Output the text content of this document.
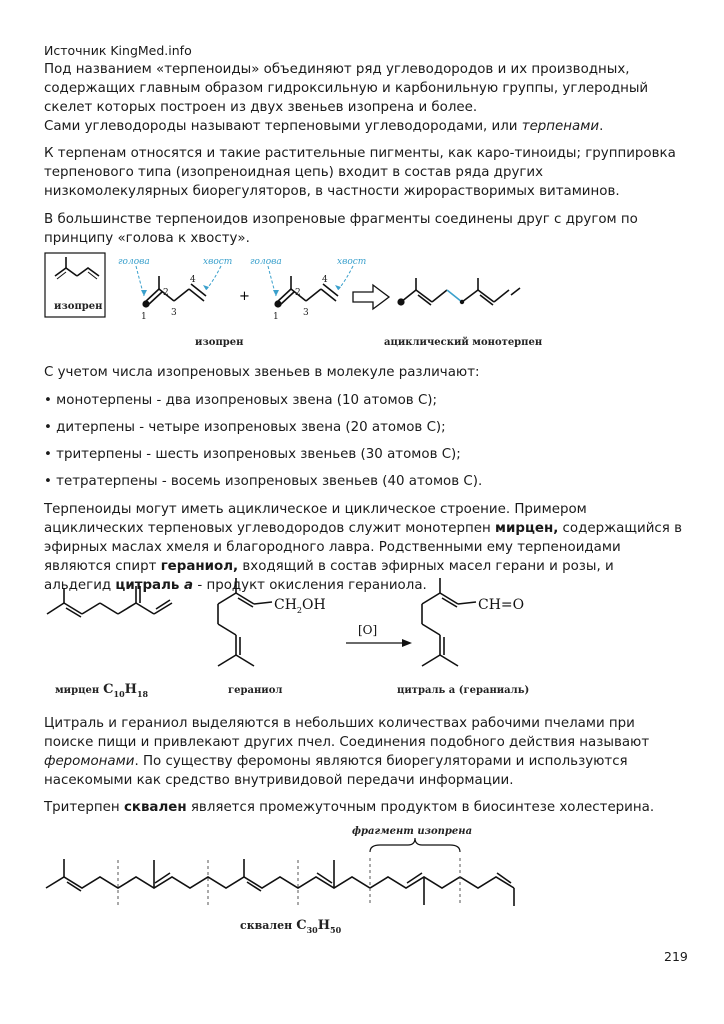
Источник KingMed.info

Под названием «терпеноиды» объединяют ряд углеводородов и их производных, содержащих главным образом гидроксильную и карбонильную группы, углеродный скелет которых построен из двух звеньев изопрена и более.

Сами углеводороды называют терпеновыми углеводородами, или терпенами.

К терпенам относятся и такие растительные пигменты, как каро-тиноиды; группировка терпенового типа (изопреноидная цепь) входит в состав ряда других низкомолекулярных биорегуляторов, в частности жирорастворимых витаминов.

В большинстве терпеноидов изопреновые фрагменты соединены друг с другом по принципу «голова к хвосту».

изопрен
голова	хвост голова	хвост
1
2
3
4
1
2
3
4
+
изопрен	ациклический монотерпен
С учетом числа изопреновых звеньев в молекуле различают:
• монотерпены - два изопреновых звена (10 атомов С);
• дитерпены - четыре изопреновых звена (20 атомов С);
• тритерпены - шесть изопреновых звеньев (30 атомов С);
• тетратерпены - восемь изопреновых звеньев (40 атомов С).

Терпеноиды могут иметь ациклическое и циклическое строение. Примером ациклических терпеновых углеводородов служит монотерпен мирцен, содержащийся в эфирных маслах хмеля и благородного лавра. Родственными ему терпеноидами являются спирт гераниол, входящий в состав эфирных масел герани и розы, и альдегид цитраль a - продукт окисления гераниола.

$CH_2OH$	CH=O
[O]
мирцен $C_{10}H_{18}$	гераниол	цитраль a (гераниаль)

Цитраль и гераниол выделяются в небольших количествах рабочими пчелами при поиске пищи и привлекают других пчел. Соединения подобного действия называют феромонами. По существу феромоны являются биорегуляторами и используются насекомыми как средство внутривидовой передачи информации.

Тритерпен сквален является промежуточным продуктом в биосинтезе холестерина.
фрагмент изопрена
сквален $C_{30}H_{50}$
219
